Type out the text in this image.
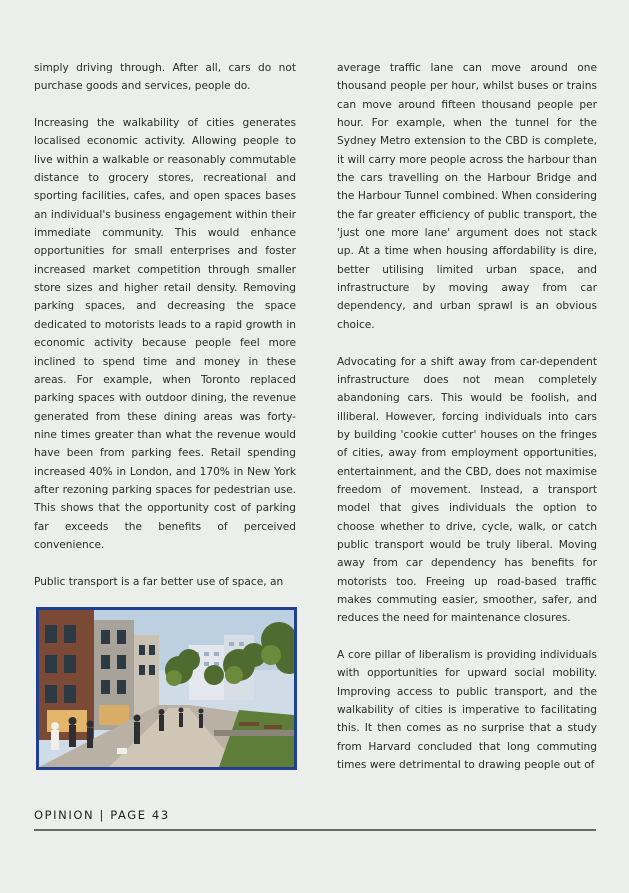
simply driving through. After all, cars do not purchase goods and services, people do.

Increasing the walkability of cities generates localised economic activity. Allowing people to live within a walkable or reasonably commutable distance to grocery stores, recreational and sporting facilities, cafes, and open spaces bases an individual's business engagement within their immediate community. This would enhance opportunities for small enterprises and foster increased market competition through smaller store sizes and higher retail density. Removing parking spaces, and decreasing the space dedicated to motorists leads to a rapid growth in economic activity because people feel more inclined to spend time and money in these areas. For example, when Toronto replaced parking spaces with outdoor dining, the revenue generated from these dining areas was forty-nine times greater than what the revenue would have been from parking fees. Retail spending increased 40% in London, and 170% in New York after rezoning parking spaces for pedestrian use. This shows that the opportunity cost of parking far exceeds the benefits of perceived convenience.

Public transport is a far better use of space, an

average traffic lane can move around one thousand people per hour, whilst buses or trains can move around fifteen thousand people per hour. For example, when the tunnel for the Sydney Metro extension to the CBD is complete, it will carry more people across the harbour than the cars travelling on the Harbour Bridge and the Harbour Tunnel combined. When considering the far greater efficiency of public transport, the 'just one more lane' argument does not stack up. At a time when housing affordability is dire, better utilising limited urban space, and infrastructure by moving away from car dependency, and urban sprawl is an obvious choice.

Advocating for a shift away from car-dependent infrastructure does not mean completely abandoning cars. This would be foolish, and illiberal. However, forcing individuals into cars by building 'cookie cutter' houses on the fringes of cities, away from employment opportunities, entertainment, and the CBD, does not maximise freedom of movement. Instead, a transport model that gives individuals the option to choose whether to drive, cycle, walk, or catch public transport would be truly liberal. Moving away from car dependency has benefits for motorists too. Freeing up road-based traffic makes commuting easier, smoother, safer, and reduces the need for maintenance closures.

A core pillar of liberalism is providing individuals with opportunities for upward social mobility. Improving access to public transport, and the walkability of cities is imperative to facilitating this. It then comes as no surprise that a study from Harvard concluded that long commuting times were detrimental to drawing people out of

OPINION | PAGE 43
